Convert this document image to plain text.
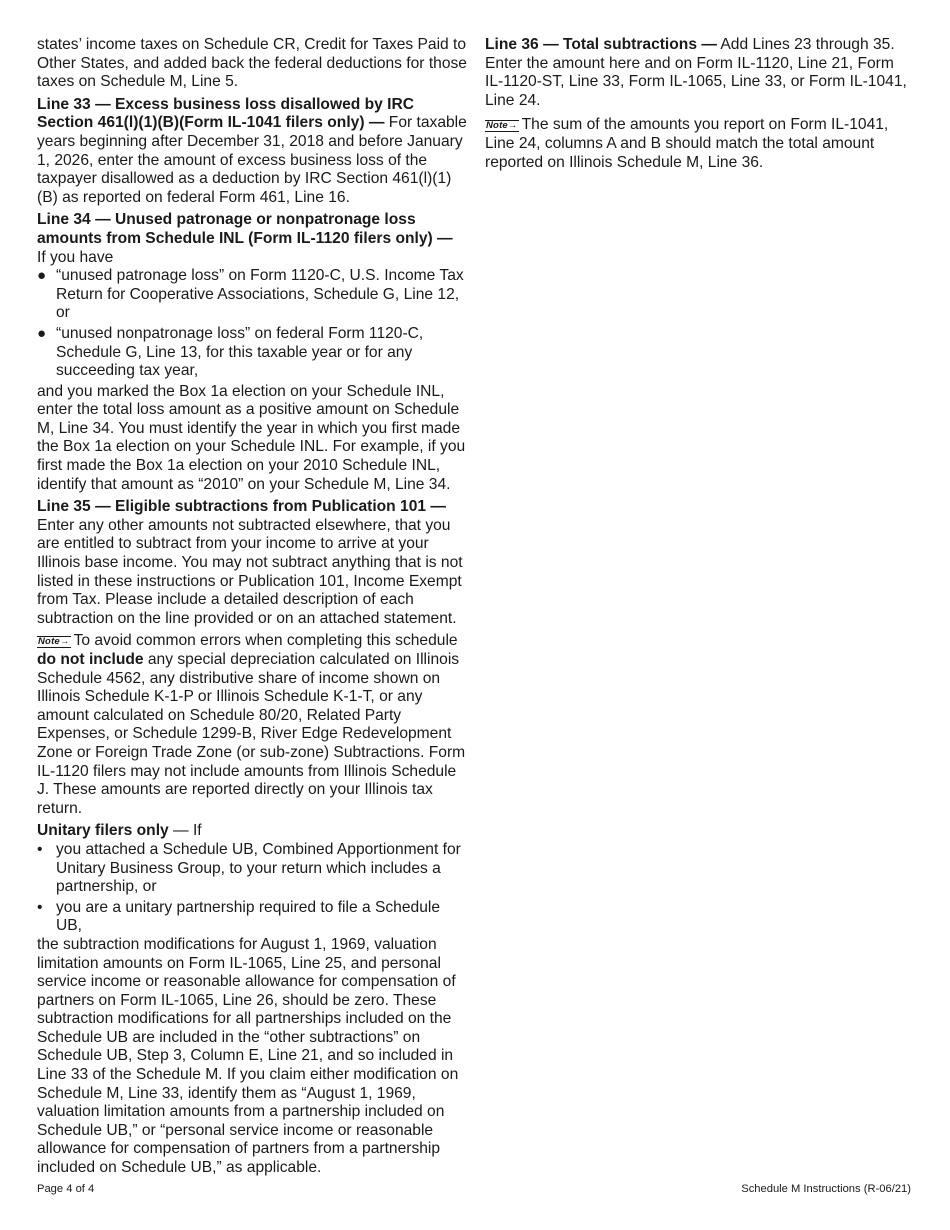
states’ income taxes on Schedule CR, Credit for Taxes Paid to Other States, and added back the federal deductions for those taxes on Schedule M, Line 5.

Line 33 — Excess business loss disallowed by IRC Section 461(l)(1)(B)(Form IL-1041 filers only) — For taxable years beginning after December 31, 2018 and before January 1, 2026, enter the amount of excess business loss of the taxpayer disallowed as a deduction by IRC Section 461(l)(1)(B) as reported on federal Form 461, Line 16.

Line 34 — Unused patronage or nonpatronage loss amounts from Schedule INL (Form IL-1120 filers only) —

If you have

● “unused patronage loss” on Form 1120-C, U.S. Income Tax Return for Cooperative Associations, Schedule G, Line 12, or
● “unused nonpatronage loss” on federal Form 1120-C, Schedule G, Line 13, for this taxable year or for any succeeding tax year,

and you marked the Box 1a election on your Schedule INL, enter the total loss amount as a positive amount on Schedule M, Line 34. You must identify the year in which you first made the Box 1a election on your Schedule INL. For example, if you first made the Box 1a election on your 2010 Schedule INL, identify that amount as “2010” on your Schedule M, Line 34.

Line 35 — Eligible subtractions from Publication 101 —

Enter any other amounts not subtracted elsewhere, that you are entitled to subtract from your income to arrive at your Illinois base income. You may not subtract anything that is not listed in these instructions or Publication 101, Income Exempt from Tax. Please include a detailed description of each subtraction on the line provided or on an attached statement.

Note→ To avoid common errors when completing this schedule do not include any special depreciation calculated on Illinois Schedule 4562, any distributive share of income shown on Illinois Schedule K-1-P or Illinois Schedule K-1-T, or any amount calculated on Schedule 80/20, Related Party Expenses, or Schedule 1299-B, River Edge Redevelopment Zone or Foreign Trade Zone (or sub-zone) Subtractions. Form IL-1120 filers may not include amounts from Illinois Schedule J. These amounts are reported directly on your Illinois tax return.

Unitary filers only — If

• you attached a Schedule UB, Combined Apportionment for Unitary Business Group, to your return which includes a partnership, or
• you are a unitary partnership required to file a Schedule UB,

the subtraction modifications for August 1, 1969, valuation limitation amounts on Form IL-1065, Line 25, and personal service income or reasonable allowance for compensation of partners on Form IL-1065, Line 26, should be zero. These subtraction modifications for all partnerships included on the Schedule UB are included in the “other subtractions” on Schedule UB, Step 3, Column E, Line 21, and so included in Line 33 of the Schedule M. If you claim either modification on Schedule M, Line 33, identify them as “August 1, 1969, valuation limitation amounts from a partnership included on Schedule UB,” or “personal service income or reasonable allowance for compensation of partners from a partnership included on Schedule UB,” as applicable.

Line 36 — Total subtractions — Add Lines 23 through 35. Enter the amount here and on Form IL-1120, Line 21, Form IL-1120-ST, Line 33, Form IL-1065, Line 33, or Form IL-1041, Line 24.

Note→ The sum of the amounts you report on Form IL-1041, Line 24, columns A and B should match the total amount reported on Illinois Schedule M, Line 36.

Page 4 of 4	Schedule M Instructions (R-06/21)
